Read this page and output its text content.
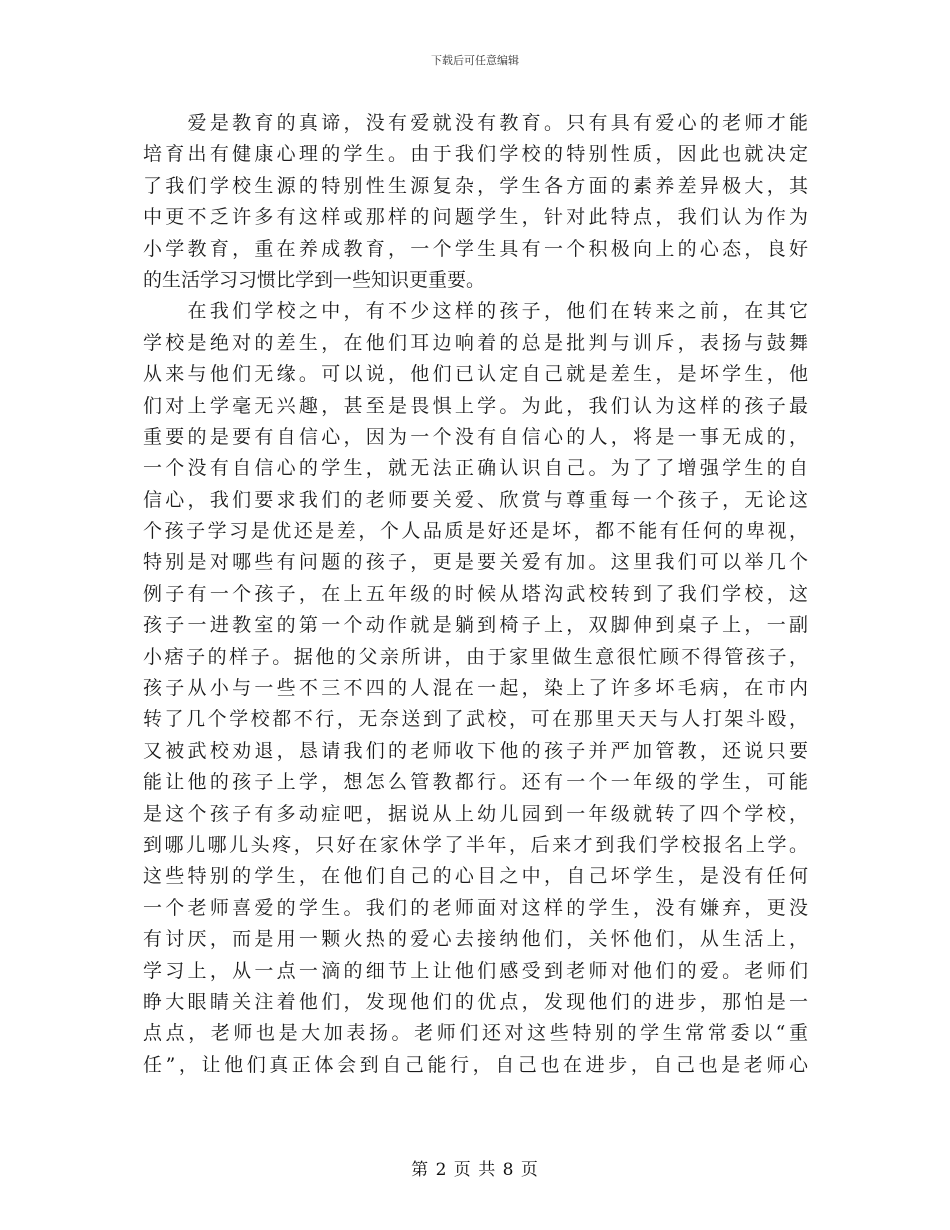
下载后可任意编辑
　　爱是教育的真谛，没有爱就没有教育。只有具有爱心的老师才能
培育出有健康心理的学生。由于我们学校的特别性质，因此也就决定
了我们学校生源的特别性生源复杂，学生各方面的素养差异极大，其
中更不乏许多有这样或那样的问题学生，针对此特点，我们认为作为
小学教育，重在养成教育，一个学生具有一个积极向上的心态，良好
的生活学习习惯比学到一些知识更重要。
　　在我们学校之中，有不少这样的孩子，他们在转来之前，在其它
学校是绝对的差生，在他们耳边响着的总是批判与训斥，表扬与鼓舞
从来与他们无缘。可以说，他们已认定自己就是差生，是坏学生，他
们对上学毫无兴趣，甚至是畏惧上学。为此，我们认为这样的孩子最
重要的是要有自信心，因为一个没有自信心的人，将是一事无成的，
一个没有自信心的学生，就无法正确认识自己。为了了增强学生的自
信心，我们要求我们的老师要关爱、欣赏与尊重每一个孩子，无论这
个孩子学习是优还是差，个人品质是好还是坏，都不能有任何的卑视，
特别是对哪些有问题的孩子，更是要关爱有加。这里我们可以举几个
例子有一个孩子，在上五年级的时候从塔沟武校转到了我们学校，这
孩子一进教室的第一个动作就是躺到椅子上，双脚伸到桌子上，一副
小痞子的样子。据他的父亲所讲，由于家里做生意很忙顾不得管孩子，
孩子从小与一些不三不四的人混在一起，染上了许多坏毛病，在市内
转了几个学校都不行，无奈送到了武校，可在那里天天与人打架斗殴，
又被武校劝退，恳请我们的老师收下他的孩子并严加管教，还说只要
能让他的孩子上学，想怎么管教都行。还有一个一年级的学生，可能
是这个孩子有多动症吧，据说从上幼儿园到一年级就转了四个学校，
到哪儿哪儿头疼，只好在家休学了半年，后来才到我们学校报名上学。
这些特别的学生，在他们自己的心目之中，自己坏学生，是没有任何
一个老师喜爱的学生。我们的老师面对这样的学生，没有嫌弃，更没
有讨厌，而是用一颗火热的爱心去接纳他们，关怀他们，从生活上，
学习上，从一点一滴的细节上让他们感受到老师对他们的爱。老师们
睁大眼睛关注着他们，发现他们的优点，发现他们的进步，那怕是一
点点，老师也是大加表扬。老师们还对这些特别的学生常常委以“重
任”，让他们真正体会到自己能行，自己也在进步，自己也是老师心
第 2 页 共 8 页
